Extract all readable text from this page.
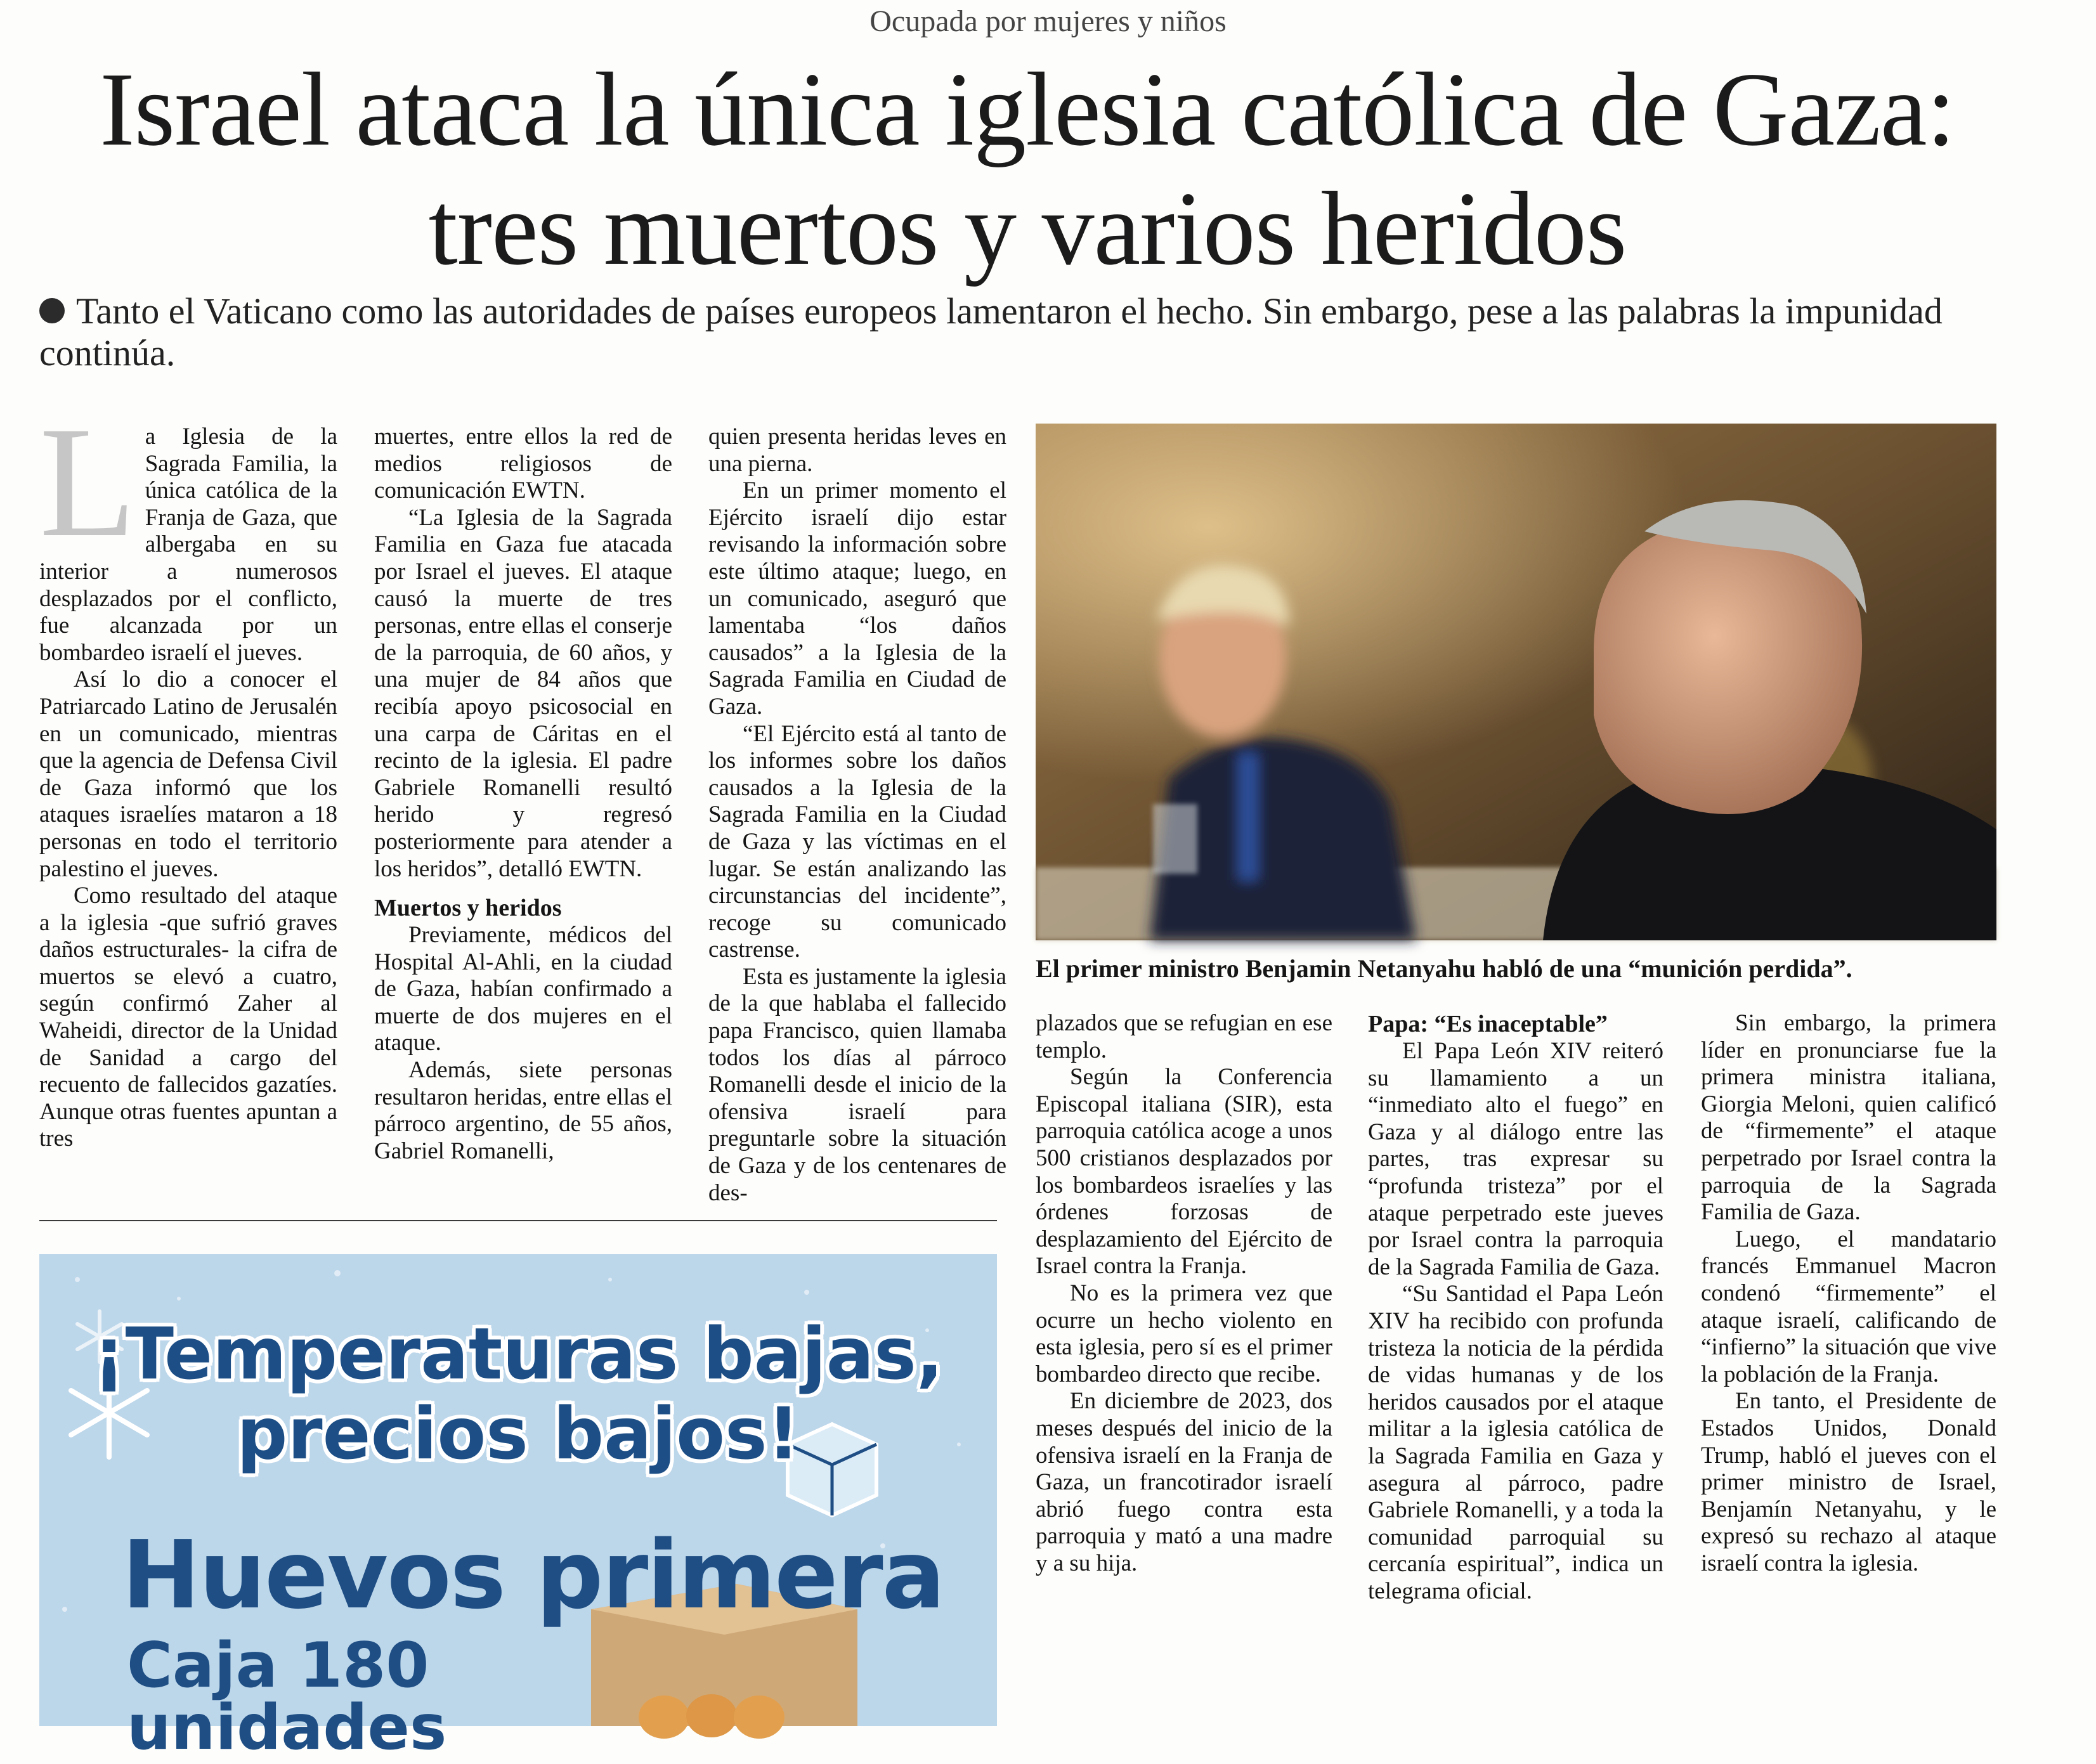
Ocupada por mujeres y niños
Israel ataca la única iglesia católica de Gaza: tres muertos y varios heridos

Tanto el Vaticano como las autoridades de países europeos lamentaron el hecho. Sin embargo, pese a las palabras la impunidad continúa.

L a Iglesia de la Sagrada Familia, la única católica de la Franja de Gaza, que albergaba en su interior a numerosos desplazados por el conflicto, fue alcanzada por un bombardeo israelí el jueves.

Así lo dio a conocer el Patriarcado Latino de Jerusalén en un comunicado, mientras que la agencia de Defensa Civil de Gaza informó que los ataques israelíes mataron a 18 personas en todo el territorio palestino el jueves.

Como resultado del ataque a la iglesia -que sufrió graves daños estructurales- la cifra de muertos se elevó a cuatro, según confirmó Zaher al Waheidi, director de la Unidad de Sanidad a cargo del recuento de fallecidos gazatíes. Aunque otras fuentes apuntan a tres

muertes, entre ellos la red de medios religiosos de comunicación EWTN.

“La Iglesia de la Sagrada Familia en Gaza fue atacada por Israel el jueves. El ataque causó la muerte de tres personas, entre ellas el conserje de la parroquia, de 60 años, y una mujer de 84 años que recibía apoyo psicosocial en una carpa de Cáritas en el recinto de la iglesia. El padre Gabriele Romanelli resultó herido y regresó posteriormente para atender a los heridos”, detalló EWTN.

Muertos y heridos

Previamente, médicos del Hospital Al-Ahli, en la ciudad de Gaza, habían confirmado a muerte de dos mujeres en el ataque.

Además, siete personas resultaron heridas, entre ellas el párroco argentino, de 55 años, Gabriel Romanelli,

quien presenta heridas leves en una pierna.

En un primer momento el Ejército israelí dijo estar revisando la información sobre este último ataque; luego, en un comunicado, aseguró que lamentaba “los daños causados” a la Iglesia de la Sagrada Familia en Ciudad de Gaza.

“El Ejército está al tanto de los informes sobre los daños causados a la Iglesia de la Sagrada Familia en la Ciudad de Gaza y las víctimas en el lugar. Se están analizando las circunstancias del incidente”, recoge su comunicado castrense.

Esta es justamente la iglesia de la que hablaba el fallecido papa Francisco, quien llamaba todos los días al párroco Romanelli desde el inicio de la ofensiva israelí para preguntarle sobre la situación de Gaza y de los centenares de des-

El primer ministro Benjamin Netanyahu habló de una “munición perdida”.

plazados que se refugian en ese templo.

Según la Conferencia Episcopal italiana (SIR), esta parroquia católica acoge a unos 500 cristianos desplazados por los bombardeos israelíes y las órdenes forzosas de desplazamiento del Ejército de Israel contra la Franja.

No es la primera vez que ocurre un hecho violento en esta iglesia, pero sí es el primer bombardeo directo que recibe.

En diciembre de 2023, dos meses después del inicio de la ofensiva israelí en la Franja de Gaza, un francotirador israelí abrió fuego contra esta parroquia y mató a una madre y a su hija.

Papa: “Es inaceptable”

El Papa León XIV reiteró su llamamiento a un “inmediato alto el fuego” en Gaza y al diálogo entre las partes, tras expresar su “profunda tristeza” por el ataque perpetrado este jueves por Israel contra la parroquia de la Sagrada Familia de Gaza.

“Su Santidad el Papa León XIV ha recibido con profunda tristeza la noticia de la pérdida de vidas humanas y de los heridos causados por el ataque militar a la iglesia católica de la Sagrada Familia en Gaza y asegura al párroco, padre Gabriele Romanelli, y a toda la comunidad parroquial su cercanía espiritual”, indica un telegrama oficial.

Sin embargo, la primera líder en pronunciarse fue la primera ministra italiana, Giorgia Meloni, quien calificó de “firmemente” el ataque perpetrado por Israel contra la parroquia de la Sagrada Familia de Gaza.

Luego, el mandatario francés Emmanuel Macron condenó “firmemente” el ataque israelí, calificando de “infierno” la situación que vive la población de la Franja.

En tanto, el Presidente de Estados Unidos, Donald Trump, habló el jueves con el primer ministro de Israel, Benjamín Netanyahu, y le expresó su rechazo al ataque israelí contra la iglesia.

¡Temperaturas bajas,
precios bajos!
Huevos primera
Caja 180
unidades
